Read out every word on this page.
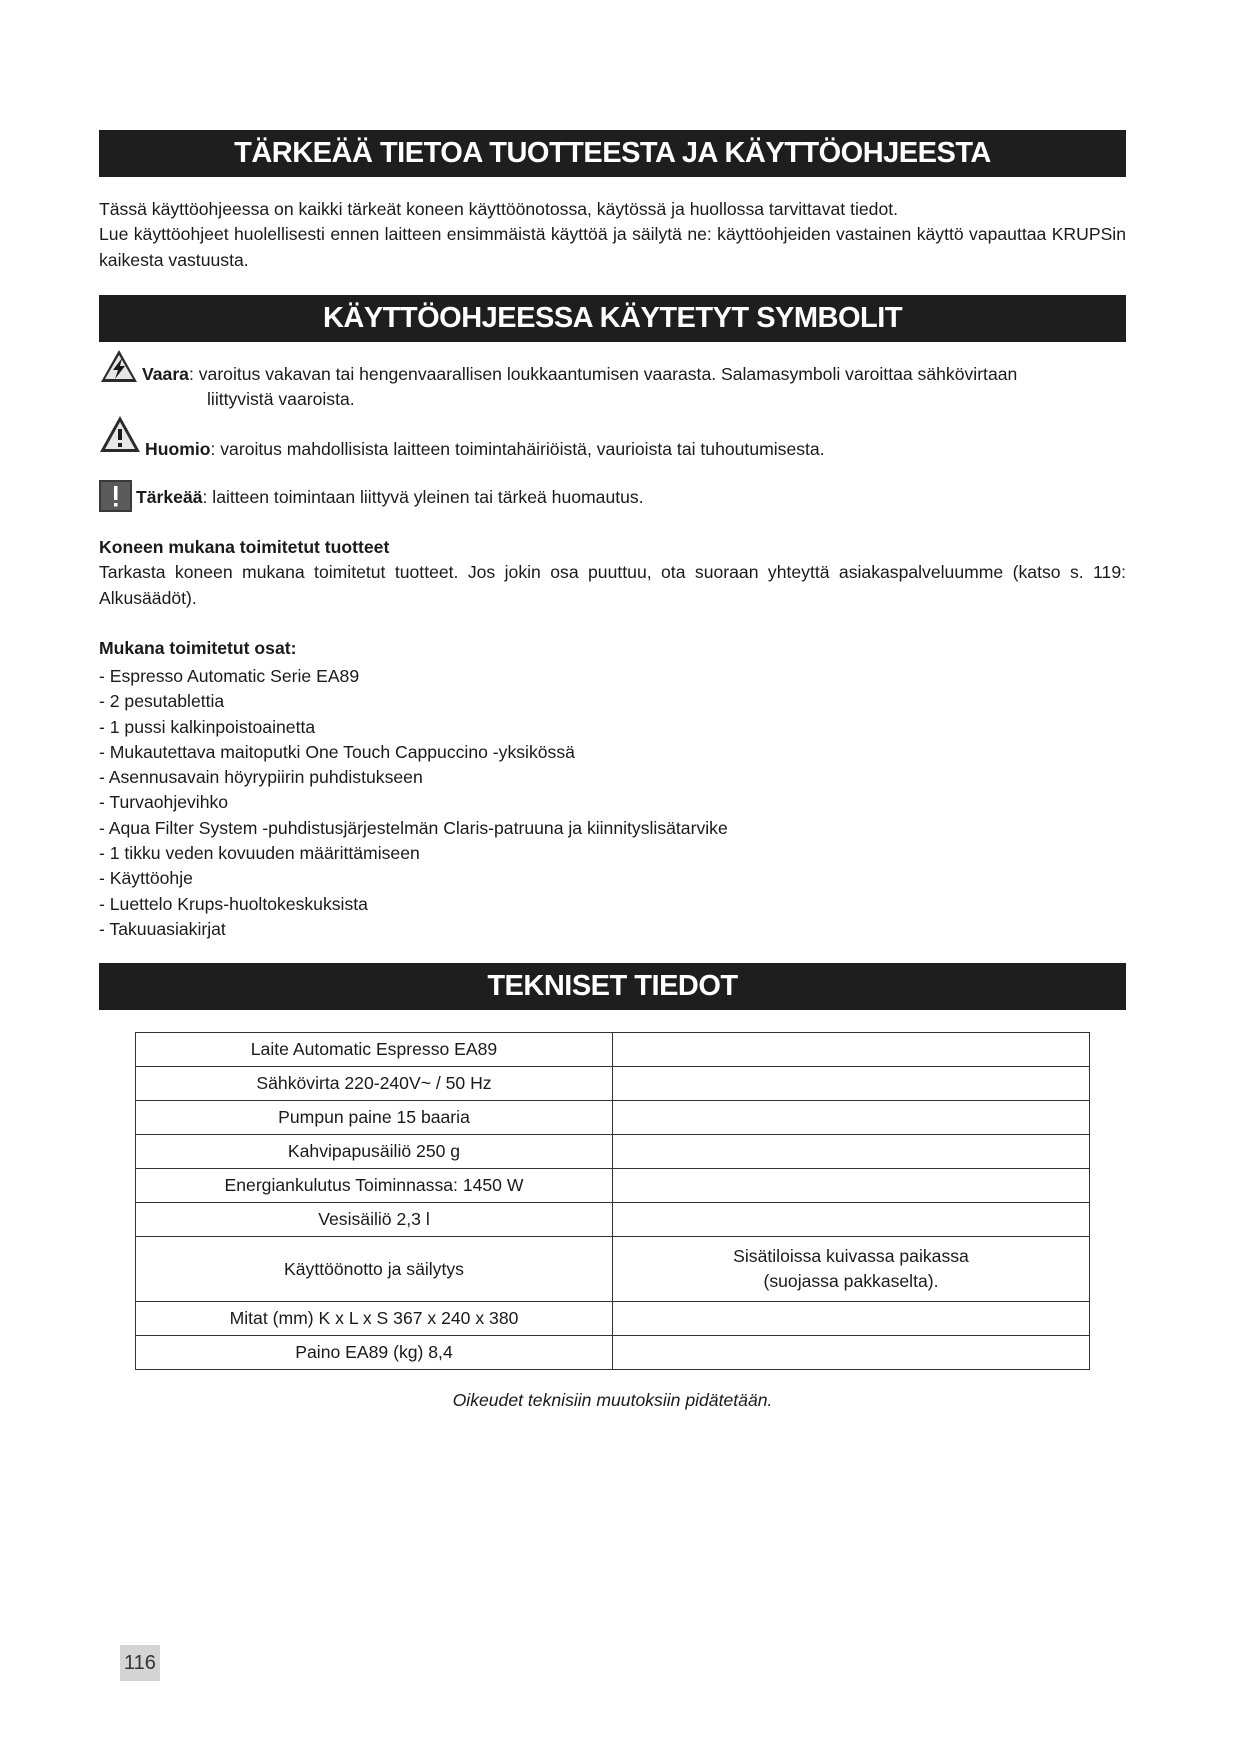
TÄRKEÄÄ TIETOA TUOTTEESTA JA KÄYTTÖOHJEESTA

Tässä käyttöohjeessa on kaikki tärkeät koneen käyttöönotossa, käytössä ja huollossa tarvittavat tiedot.

Lue käyttöohjeet huolellisesti ennen laitteen ensimmäistä käyttöä ja säilytä ne: käyttöohjeiden vastainen käyttö vapauttaa KRUPSin kaikesta vastuusta.

KÄYTTÖOHJEESSA KÄYTETYT SYMBOLIT
Vaara: varoitus vakavan tai hengenvaarallisen loukkaantumisen vaarasta. Salamasymboli varoittaa sähkövirtaan
liittyvistä vaaroista.
Huomio: varoitus mahdollisista laitteen toimintahäiriöistä, vaurioista tai tuhoutumisesta.
Tärkeää: laitteen toimintaan liittyvä yleinen tai tärkeä huomautus.
Koneen mukana toimitetut tuotteet

Tarkasta koneen mukana toimitetut tuotteet. Jos jokin osa puuttuu, ota suoraan yhteyttä asiakaspalveluumme (katso s. 119: Alkusäädöt).

Mukana toimitetut osat:
- Espresso Automatic Serie EA89
- 2 pesutablettia
- 1 pussi kalkinpoistoainetta
- Mukautettava maitoputki One Touch Cappuccino -yksikössä
- Asennusavain höyrypiirin puhdistukseen
- Turvaohjevihko
- Aqua Filter System -puhdistusjärjestelmän Claris-patruuna ja kiinnityslisätarvike
- 1 tikku veden kovuuden määrittämiseen
- Käyttöohje
- Luettelo Krups-huoltokeskuksista
- Takuuasiakirjat
TEKNISET TIEDOT
Laite Automatic Espresso EA89	
Sähkövirta 220-240V~ / 50 Hz	
Pumpun paine 15 baaria	
Kahvipapusäiliö 250 g	
Energiankulutus Toiminnassa: 1450 W	
Vesisäiliö 2,3 l	
Käyttöönotto ja säilytys	Sisätiloissa kuivassa paikassa
(suojassa pakkaselta).

Mitat (mm) K x L x S 367 x 240 x 380	
Paino EA89 (kg) 8,4	
Oikeudet teknisiin muutoksiin pidätetään.
116
